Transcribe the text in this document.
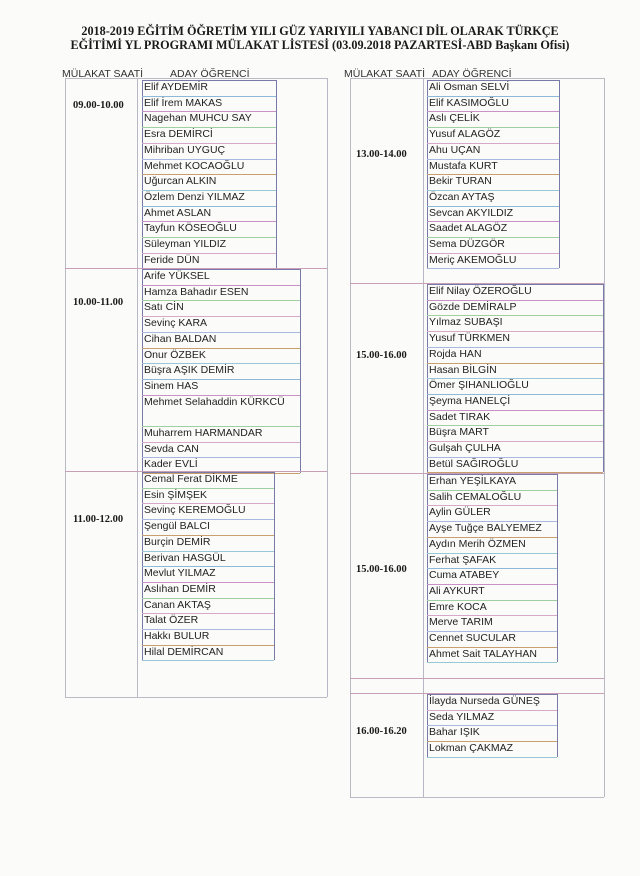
2018-2019 EĞİTİM ÖĞRETİM YILI GÜZ YARIYILI YABANCI DİL OLARAK TÜRKÇE
EĞİTİMİ YL PROGRAMI MÜLAKAT LİSTESİ (03.09.2018 PAZARTESİ-ABD Başkanı Ofisi)
MÜLAKAT SAATİ	ADAY ÖĞRENCİ	MÜLAKAT SAATİ ADAY ÖĞRENCİ
09.00-10.00
Elif AYDEMİR
Elif İrem MAKAS
Nagehan MUHCU SAY
Esra DEMİRCİ
Mihriban UYGUÇ
Mehmet KOCAOĞLU
Uğurcan ALKIN
Özlem Denzi YILMAZ
Ahmet ASLAN
Tayfun KÖSEOĞLU
Süleyman YILDIZ
Feride DÜN
10.00-11.00
Arife YÜKSEL
Hamza Bahadır ESEN
Satı CİN
Sevinç KARA
Cihan BALDAN
Onur ÖZBEK
Büşra AŞIK DEMİR
Sinem HAS
Mehmet Selahaddin KÜRKCÜ
Muharrem HARMANDAR
Sevda CAN
Kader EVLİ
11.00-12.00
Cemal Ferat DİKME
Esin ŞİMŞEK
Sevinç KEREMOĞLU
Şengül BALCI
Burçin DEMİR
Berivan HASGÜL
Mevlut YILMAZ
Aslıhan DEMİR
Canan AKTAŞ
Talat ÖZER
Hakkı BULUR
Hilal DEMİRCAN
13.00-14.00
Ali Osman SELVİ
Elif KASIMOĞLU
Aslı ÇELİK
Yusuf ALAGÖZ
Ahu UÇAN
Mustafa KURT
Bekir TURAN
Özcan AYTAŞ
Sevcan AKYILDIZ
Saadet ALAGÖZ
Sema DÜZGÖR
Meriç AKEMOĞLU
15.00-16.00
Elif Nilay ÖZEROĞLU
Gözde DEMİRALP
Yılmaz SUBAŞI
Yusuf TÜRKMEN
Rojda HAN
Hasan BİLGİN
Ömer ŞIHANLIOĞLU
Şeyma HANELÇİ
Sadet TIRAK
Büşra MART
Gulşah ÇULHA
Betül SAĞIROĞLU
15.00-16.00
Erhan YEŞİLKAYA
Salih CEMALOĞLU
Aylin GÜLER
Ayşe Tuğçe BALYEMEZ
Aydın Merih ÖZMEN
Ferhat ŞAFAK
Cuma ATABEY
Ali AYKURT
Emre KOCA
Merve TARIM
Cennet SUCULAR
Ahmet Sait TALAYHAN
16.00-16.20
İlayda Nurseda GÜNEŞ
Seda YILMAZ
Bahar IŞIK
Lokman ÇAKMAZ
